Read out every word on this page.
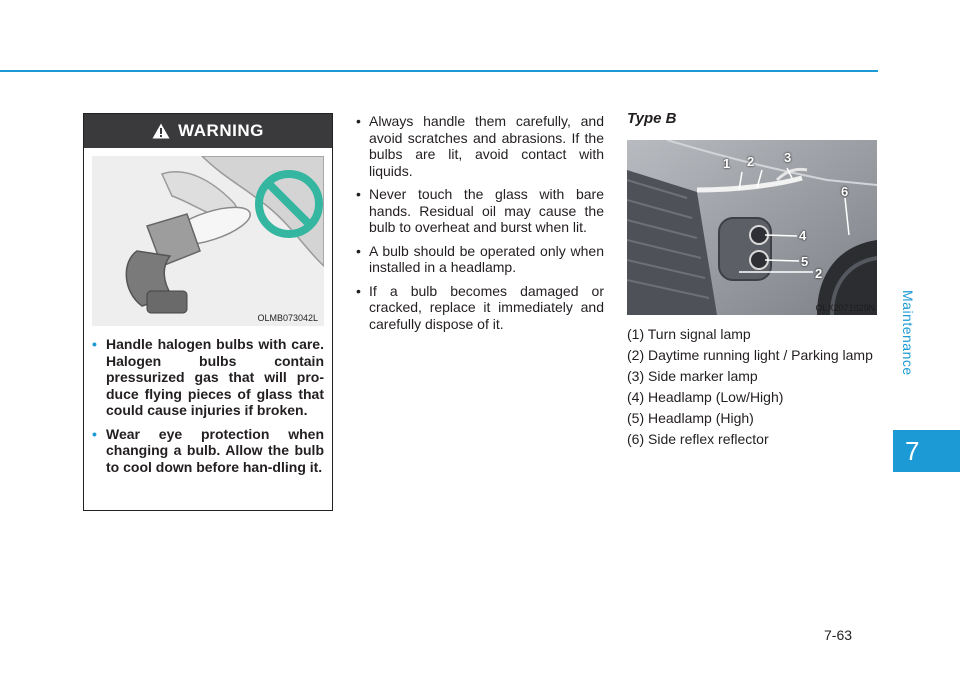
WARNING
OLMB073042L
• Handle halogen bulbs with care. Halogen bulbs contain pressurized gas that will pro-duce flying pieces of glass that could cause injuries if broken.
• Wear eye protection when changing a bulb. Allow the bulb to cool down before han-dling it.
• Always handle them carefully, and avoid scratches and abrasions. If the bulbs are lit, avoid contact with liquids.
• Never touch the glass with bare hands. Residual oil may cause the bulb to overheat and burst when lit.
• A bulb should be operated only when installed in a headlamp.
• If a bulb becomes damaged or cracked, replace it immediately and carefully dispose of it.
Type B
1 2 3
6
4
5
2
OLX2071029N
(1) Turn signal lamp
(2) Daytime running light / Parking lamp
(3) Side marker lamp
(4) Headlamp (Low/High)
(5) Headlamp (High)
(6) Side reflex reflector
Maintenance
7
7-63
